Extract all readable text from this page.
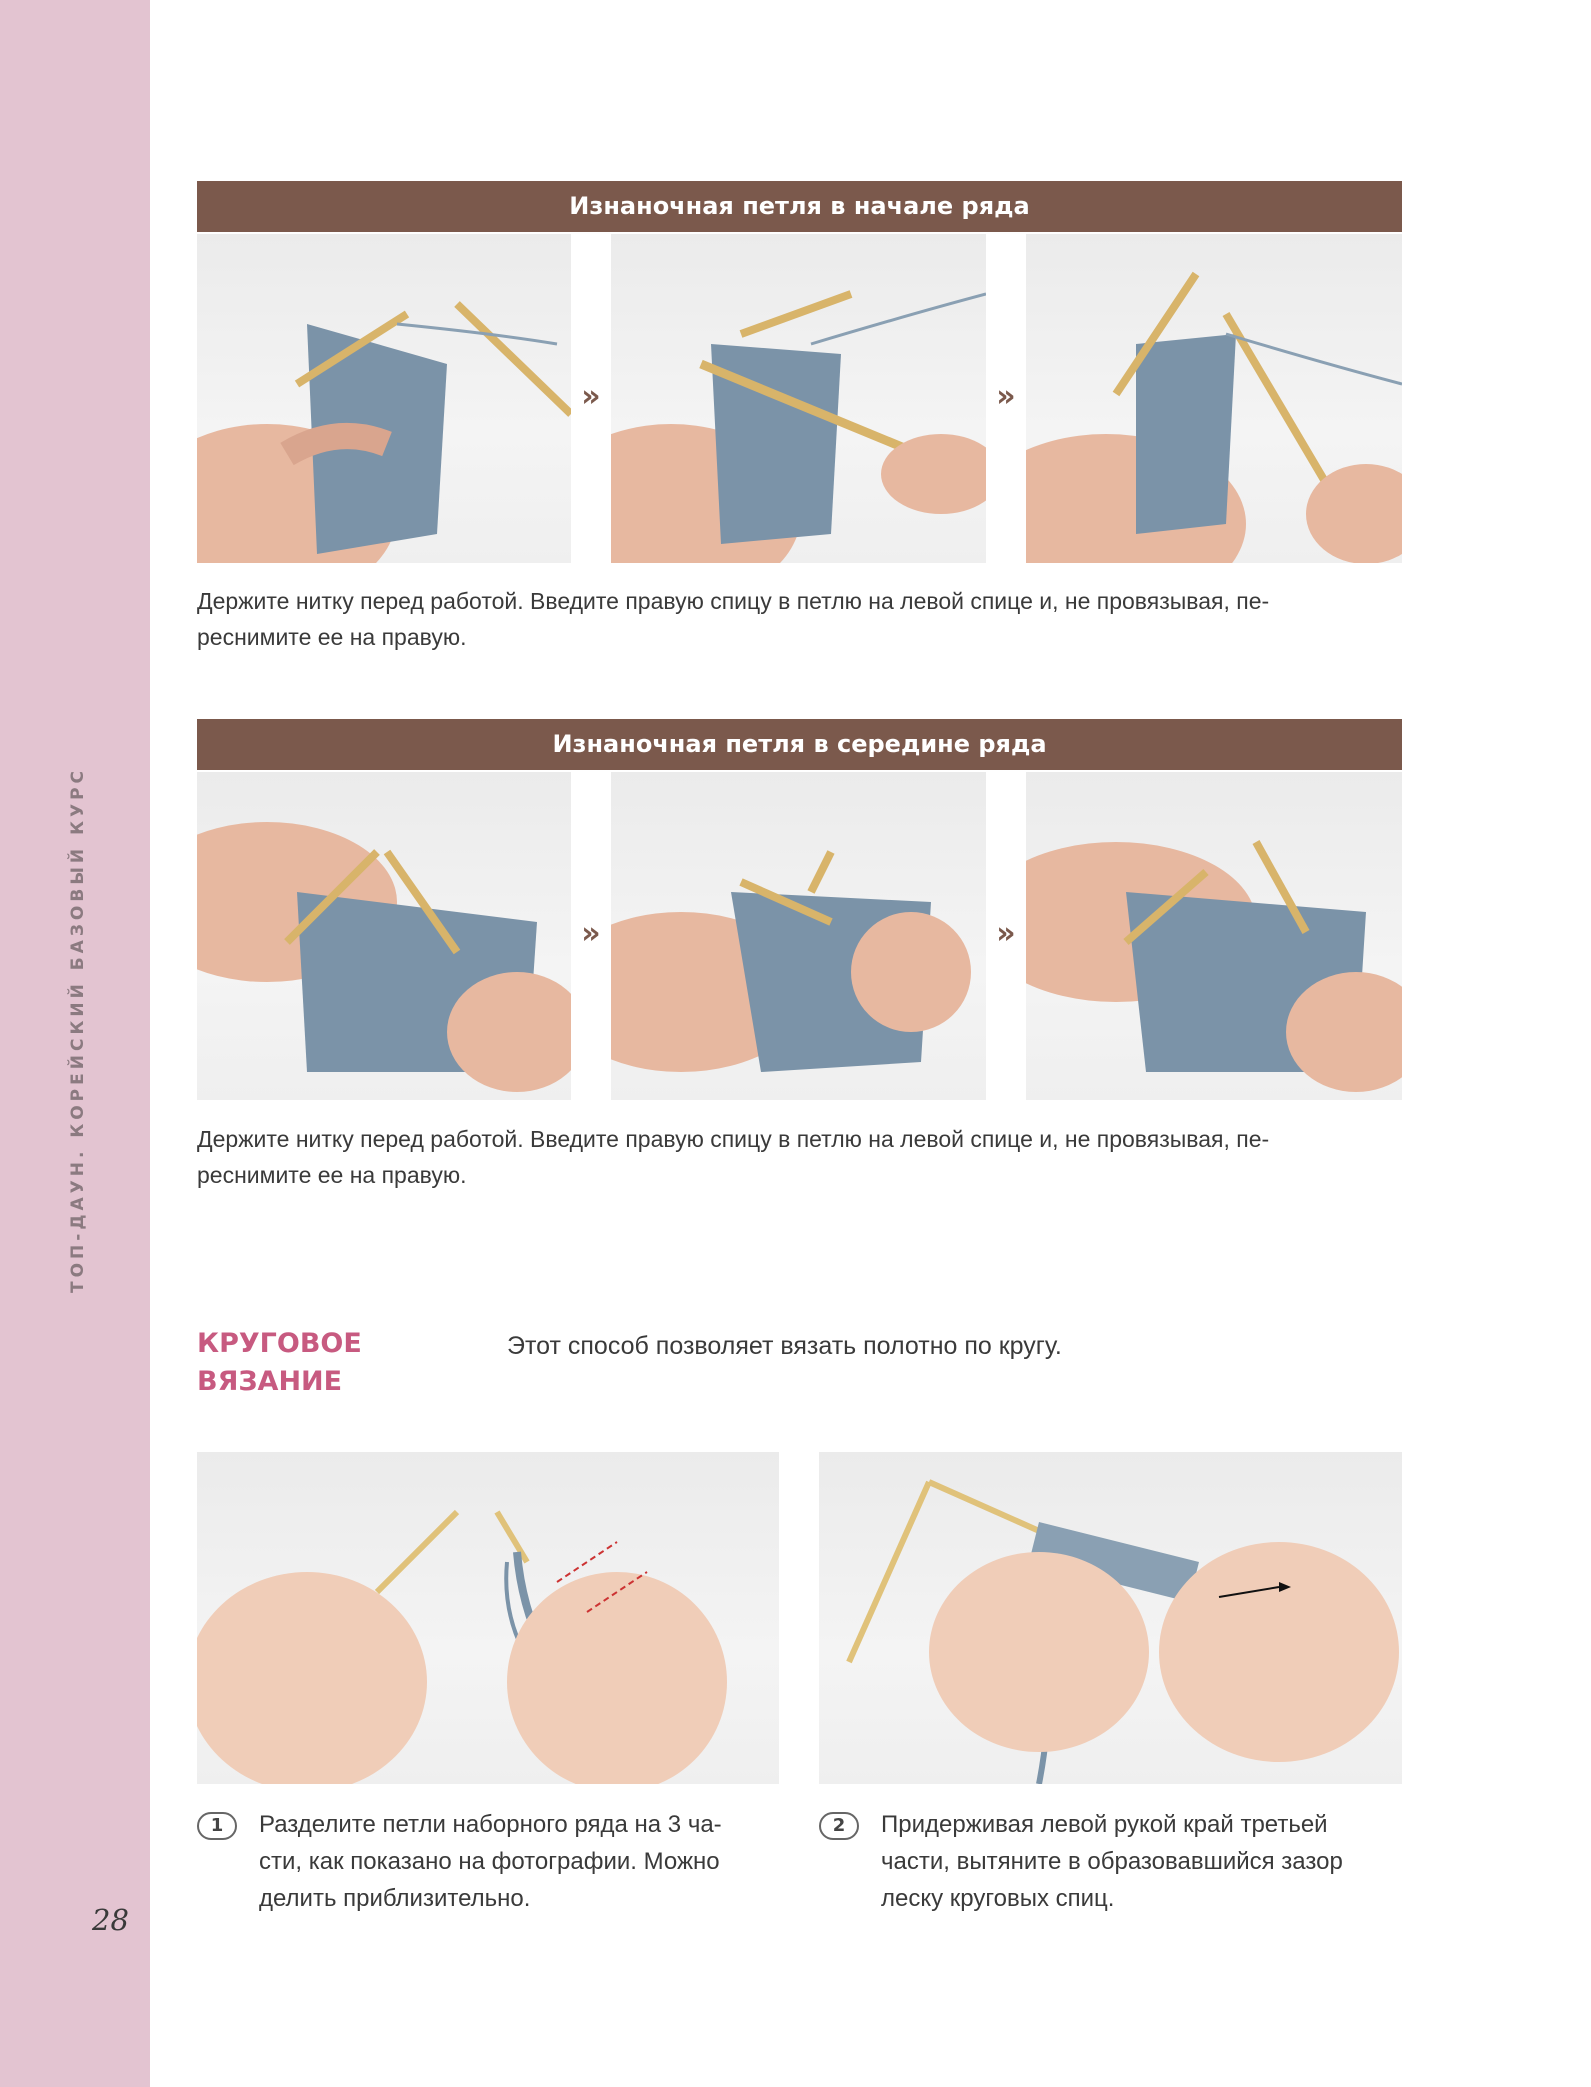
ТОП-ДАУН. КОРЕЙСКИЙ БАЗОВЫЙ КУРС
28
Изнаночная петля в начале ряда
»	»

Держите нитку перед работой. Введите правую спицу в петлю на левой спице и, не провязывая, пе-
реснимите ее на правую.

Изнаночная петля в середине ряда
»	»

Держите нитку перед работой. Введите правую спицу в петлю на левой спице и, не провязывая, пе-
реснимите ее на правую.

КРУГОВОЕ
ВЯЗАНИЕ

Этот способ позволяет вязать полотно по кругу.

1	Разделите петли наборного ряда на 3 ча-
сти, как показано на фотографии. Можно
делить приблизительно.

2	Придерживая левой рукой край третьей
части, вытяните в образовавшийся зазор
леску круговых спиц.
